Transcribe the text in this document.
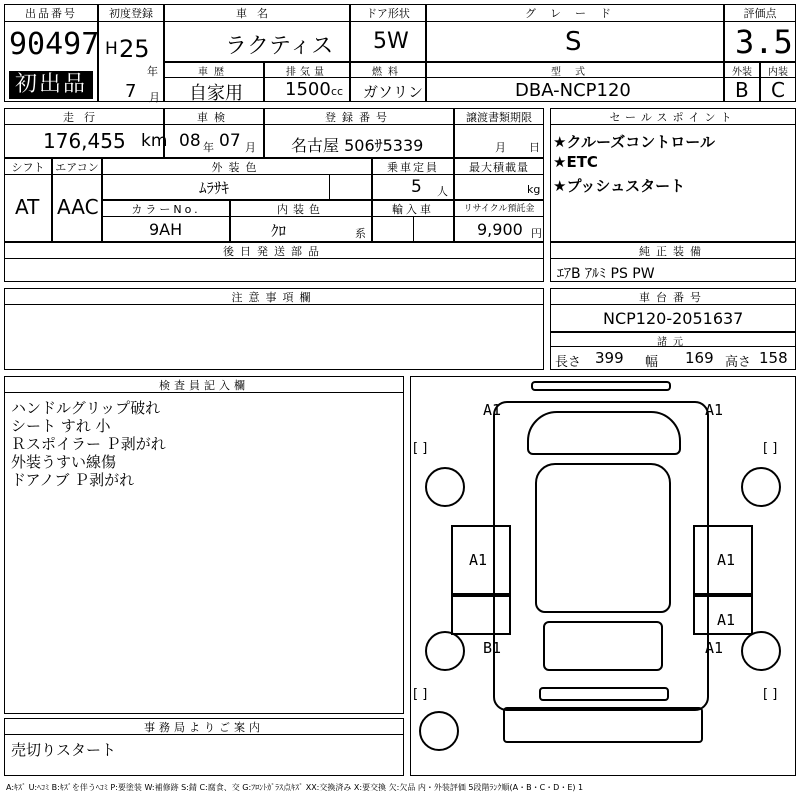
出品番号
90497
初出品
初度登録
H 25
年
7 月
車名
ラクティス
ドア形状
5W
グレード
S
評価点
3.5
車歴
自家用
排気量
1500 cc
燃料
ガソリン
型式
DBA-NCP120
外装
B
内装
C
走行
176,455 km
車検
08 年 07 月
登録番号
名古屋 506ｻ5339
譲渡書類期限
月 日
セールスポイント
★クルーズコントロール
★ETC
★プッシュスタート
シフト
AT
エアコン
AAC
外装色
ﾑﾗｻｷ
乗車定員
5 人
最大積載量
kg
カラーNo.
9AH
内装色
ｸﾛ	系
輸入車	リサイクル預託金
9,900 円
後日発送部品	純正装備
ｴｱB ｱﾙﾐ PS PW
注意事項欄	車台番号
NCP120-2051637
諸元
長さ 399 幅 169 高さ 158
検査員記入欄
ハンドルグリップ破れ
シート すれ 小
Ｒスポイラー Ｐ剥がれ
外装うすい線傷
ドアノブ Ｐ剥がれ
事務局よりご案内
売切りスタート
[ ]	[ ]
[ ]	[ ]
A1	A1
A1	A1
A1
B1	A1
A:ｷｽﾞ U:ﾍｺﾐ B:ｷｽﾞを伴うﾍｺﾐ P:要塗装 W:補修跡 S:錆 C:腐食、交 G:ﾌﾛﾝﾄｶﾞﾗｽ点ｷｽﾞ XX:交換済み X:要交換 欠:欠品 内・外装評価 5段階ﾗﾝｸ順(A・B・C・D・E) 1
